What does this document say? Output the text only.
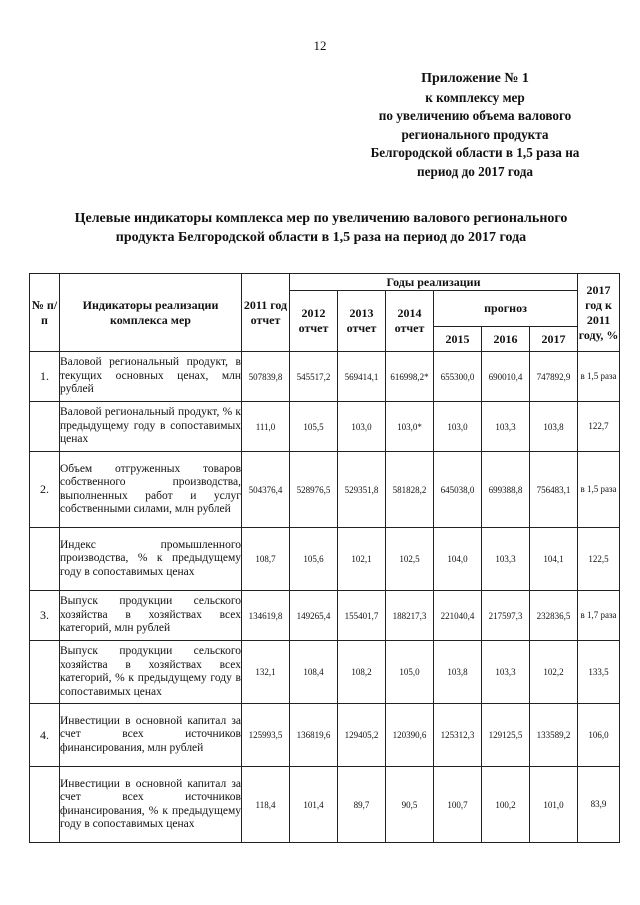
12
Приложение № 1
к комплексу мер
по увеличению объема валового
регионального продукта
Белгородской области в 1,5 раза на
период до 2017 года
Целевые индикаторы комплекса мер по увеличению валового регионального
продукта Белгородской области в 1,5 раза на период до 2017 года
№ п/п	Индикаторы реализации комплекса мер	2011 год отчет	Годы реализации						2017 год к 2011 году, %
			2012 отчет	2013 отчет	2014 отчет	прогноз			
						2015	2016	2017	
1.	Валовой региональный продукт, в текущих основных ценах, млн рублей	507839,8	545517,2	569414,1	616998,2*	655300,0	690010,4	747892,9	в 1,5 раза
	Валовой региональный продукт, % к предыдущему году в сопоставимых ценах	111,0	105,5	103,0	103,0*	103,0	103,3	103,8	122,7
2.	Объем отгруженных товаров собственного производства, выполненных работ и услуг собственными силами, млн рублей	504376,4	528976,5	529351,8	581828,2	645038,0	699388,8	756483,1	в 1,5 раза
	Индекс промышленного производства, % к предыдущему году в сопоставимых ценах	108,7	105,6	102,1	102,5	104,0	103,3	104,1	122,5
3.	Выпуск продукции сельского хозяйства в хозяйствах всех категорий, млн рублей	134619,8	149265,4	155401,7	188217,3	221040,4	217597,3	232836,5	в 1,7 раза
	Выпуск продукции сельского хозяйства в хозяйствах всех категорий, % к предыдущему году в сопоставимых ценах	132,1	108,4	108,2	105,0	103,8	103,3	102,2	133,5
4.	Инвестиции в основной капитал за счет всех источников финансирования, млн рублей	125993,5	136819,6	129405,2	120390,6	125312,3	129125,5	133589,2	106,0
	Инвестиции в основной капитал за счет всех источников финансирования, % к предыдущему году в сопоставимых ценах	118,4	101,4	89,7	90,5	100,7	100,2	101,0	83,9
